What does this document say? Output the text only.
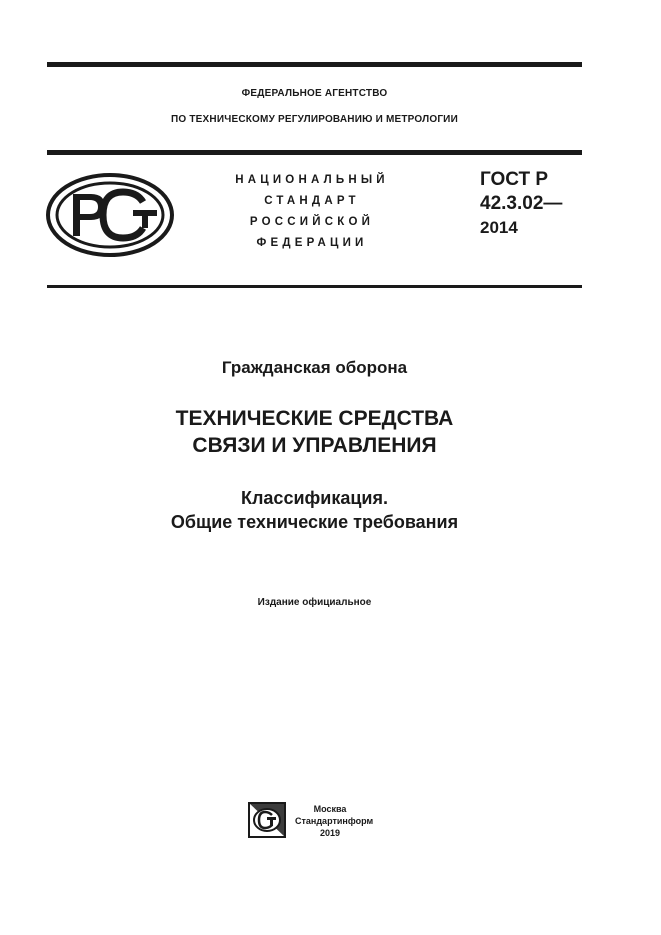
ФЕДЕРАЛЬНОЕ АГЕНТСТВО
ПО ТЕХНИЧЕСКОМУ РЕГУЛИРОВАНИЮ И МЕТРОЛОГИИ
НАЦИОНАЛЬНЫЙ
СТАНДАРТ
РОССИЙСКОЙ
ФЕДЕРАЦИИ
ГОСТ Р
42.3.02—
2014
Гражданская оборона
ТЕХНИЧЕСКИЕ СРЕДСТВА
СВЯЗИ И УПРАВЛЕНИЯ
Классификация.
Общие технические требования
Издание официальное
Москва
Стандартинформ
2019
